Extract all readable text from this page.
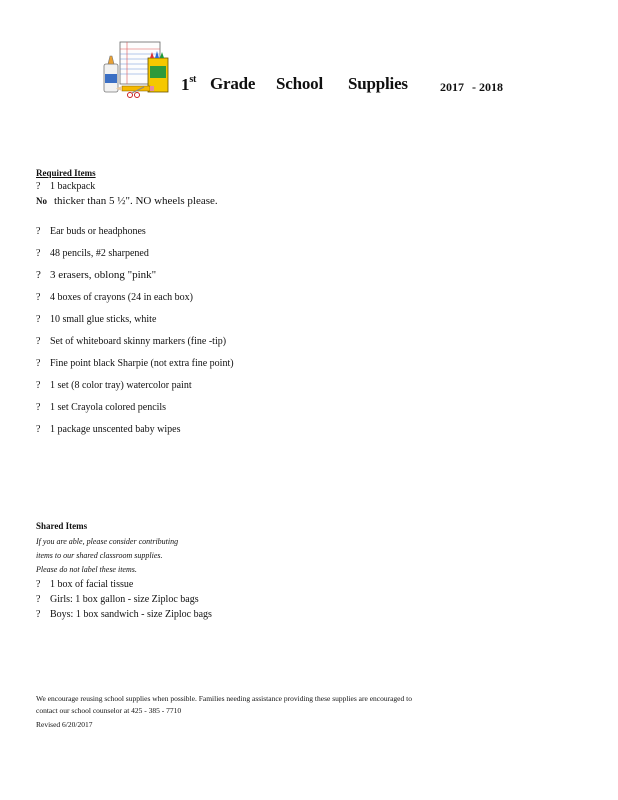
1st Grade School Supplies	2017 - 2018
Required Items
? 1 backpack
No thicker than 5 ½". NO wheels please.
? Ear buds or headphones
? 48 pencils, #2 sharpened
? 3 erasers, oblong "pink"
? 4 boxes of crayons (24 in each box)
? 10 small glue sticks, white
? Set of whiteboard skinny markers (fine -tip)
? Fine point black Sharpie (not extra fine point)
? 1 set (8 color tray) watercolor paint
? 1 set Crayola colored pencils
? 1 package unscented baby wipes
Shared Items
If you are able, please consider contributing
items to our shared classroom supplies.
Please do not label these items.
? 1 box of facial tissue
? Girls: 1 box gallon - size Ziploc bags
? Boys: 1 box sandwich - size Ziploc bags
We encourage reusing school supplies when possible. Families needing assistance providing these supplies are encouraged to
contact our school counselor at 425 - 385 - 7710
Revised 6/20/2017
